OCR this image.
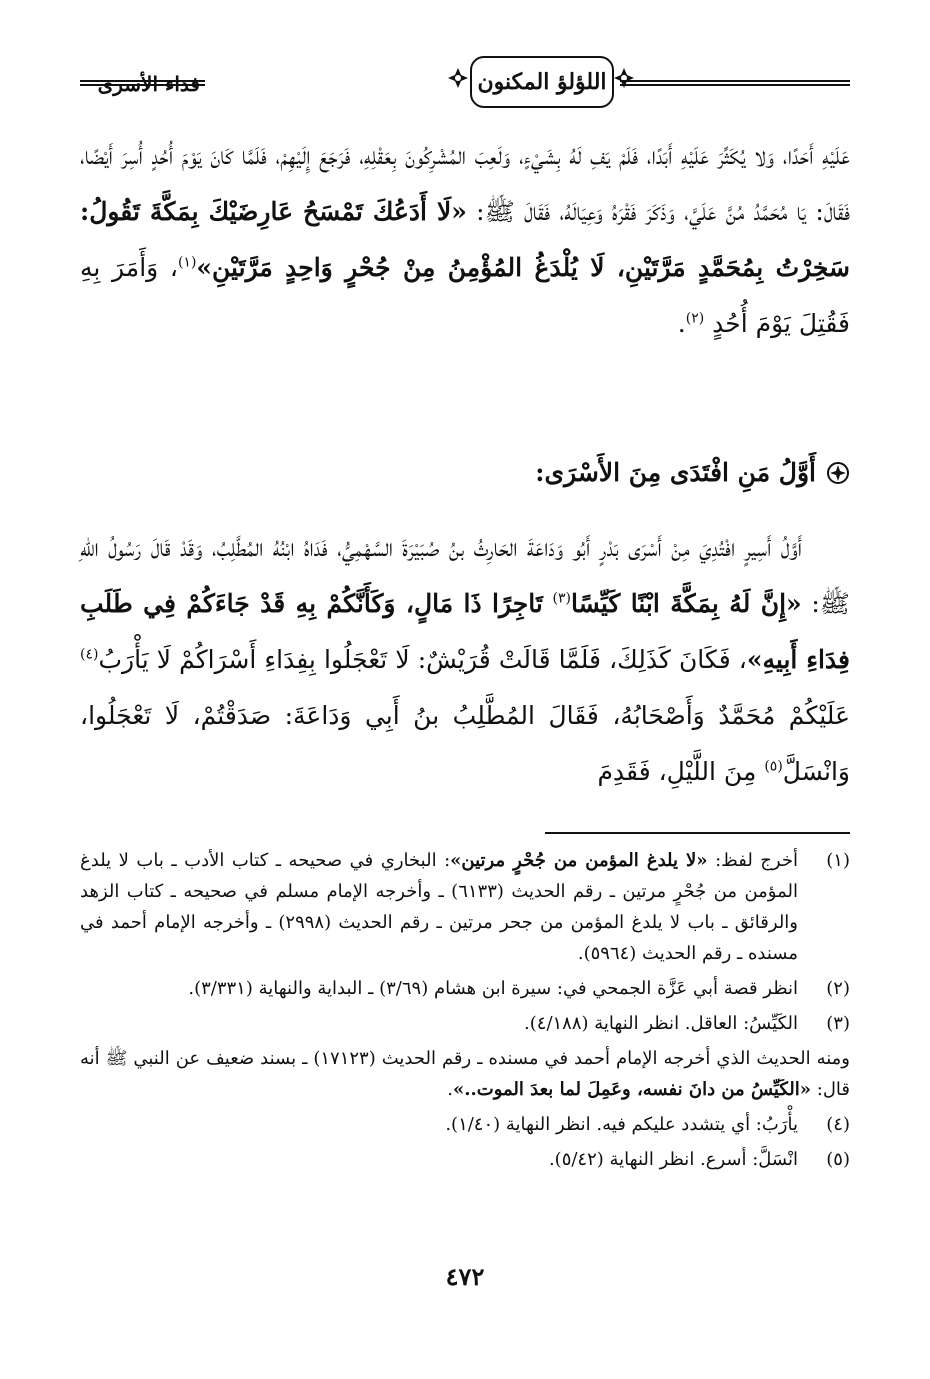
اللؤلؤ المكنون
فداء الأسرى

عَلَيْهِ أَحَدًا، وَلا يُكَثِّرَ عَلَيْهِ أَبَدًا، فَلَمْ يَفِ لَهُ بِشَيْءٍ، وَلَعِبَ المُشْرِكُونَ بِعَقْلِهِ، فَرَجَعَ إِلَيْهِمْ، فَلَمَّا كَانَ يَوْمَ أُحُدٍ أُسِرَ أَيْضًا، فَقَالَ: يَا مُحَمَّدُ مُنَّ عَلَيَّ، وَذَكَرَ فَقْرَهُ وَعِيَالَهُ، فَقَالَ ﷺ: «لَا أَدَعُكَ تَمْسَحُ عَارِضَيْكَ بِمَكَّةَ تَقُولُ: سَخِرْتُ بِمُحَمَّدٍ مَرَّتَيْنِ، لَا يُلْدَغُ المُؤْمِنُ مِنْ جُحْرٍ وَاحِدٍ مَرَّتَيْنِ»$^{(١)}$، وَأَمَرَ بِهِ فَقُتِلَ يَوْمَ أُحُدٍ $^{(٢)}$.

أَوَّلُ مَنِ افْتَدَى مِنَ الأَسْرَى:

أَوَّلُ أَسِيرٍ افْتُدِيَ مِنْ أَسْرَى بَدْرٍ أَبُو وَدَاعَةَ الحَارِثُ بنُ صُبَيْرَةَ السَّهْمِيُّ، فَدَاهُ ابْنُهُ المُطَّلِبُ، وَقَدْ قَالَ رَسُولُ اللهِ ﷺ: «إِنَّ لَهُ بِمَكَّةَ ابْنًا كَيِّسًا$^{(٣)}$ تَاجِرًا ذَا مَالٍ، وَكَأَنَّكُمْ بِهِ قَدْ جَاءَكُمْ فِي طَلَبِ فِدَاءِ أَبِيهِ»، فَكَانَ كَذَلِكَ، فَلَمَّا قَالَتْ قُرَيْشٌ: لَا تَعْجَلُوا بِفِدَاءِ أَسْرَاكُمْ لَا يَأْرَبُ$^{(٤)}$ عَلَيْكُمْ مُحَمَّدٌ وَأَصْحَابُهُ، فَقَالَ المُطَّلِبُ بنُ أَبِي وَدَاعَةَ: صَدَقْتُمْ، لَا تَعْجَلُوا، وَانْسَلَّ$^{(٥)}$ مِنَ اللَّيْلِ، فَقَدِمَ

(١)
أخرج لفظ: «لا يلدغ المؤمن من جُحْرٍ مرتين»: البخاري في صحيحه ـ كتاب الأدب ـ باب لا يلدغ المؤمن من جُحْرٍ مرتين ـ رقم الحديث (٦١٣٣) ـ وأخرجه الإمام مسلم في صحيحه ـ كتاب الزهد والرقائق ـ باب لا يلدغ المؤمن من جحر مرتين ـ رقم الحديث (٢٩٩٨) ـ وأخرجه الإمام أحمد في مسنده ـ رقم الحديث (٥٩٦٤).
(٢)
انظر قصة أبي عَزَّة الجمحي في: سيرة ابن هشام (٣/٦٩) ـ البداية والنهاية (٣/٣٣١).
(٣)
الكَيِّسُ: العاقل. انظر النهاية (٤/١٨٨).
ومنه الحديث الذي أخرجه الإمام أحمد في مسنده ـ رقم الحديث (١٧١٢٣) ـ بسند ضعيف عن النبي ﷺ أنه قال: «الكَيِّسُ من دانَ نفسه، وعَمِلَ لما بعدَ الموت..».
(٤)
يأْرَبُ: أي يتشدد عليكم فيه. انظر النهاية (١/٤٠).
(٥)
انْسَلَّ: أسرع. انظر النهاية (٥/٤٢).
٤٧٢
